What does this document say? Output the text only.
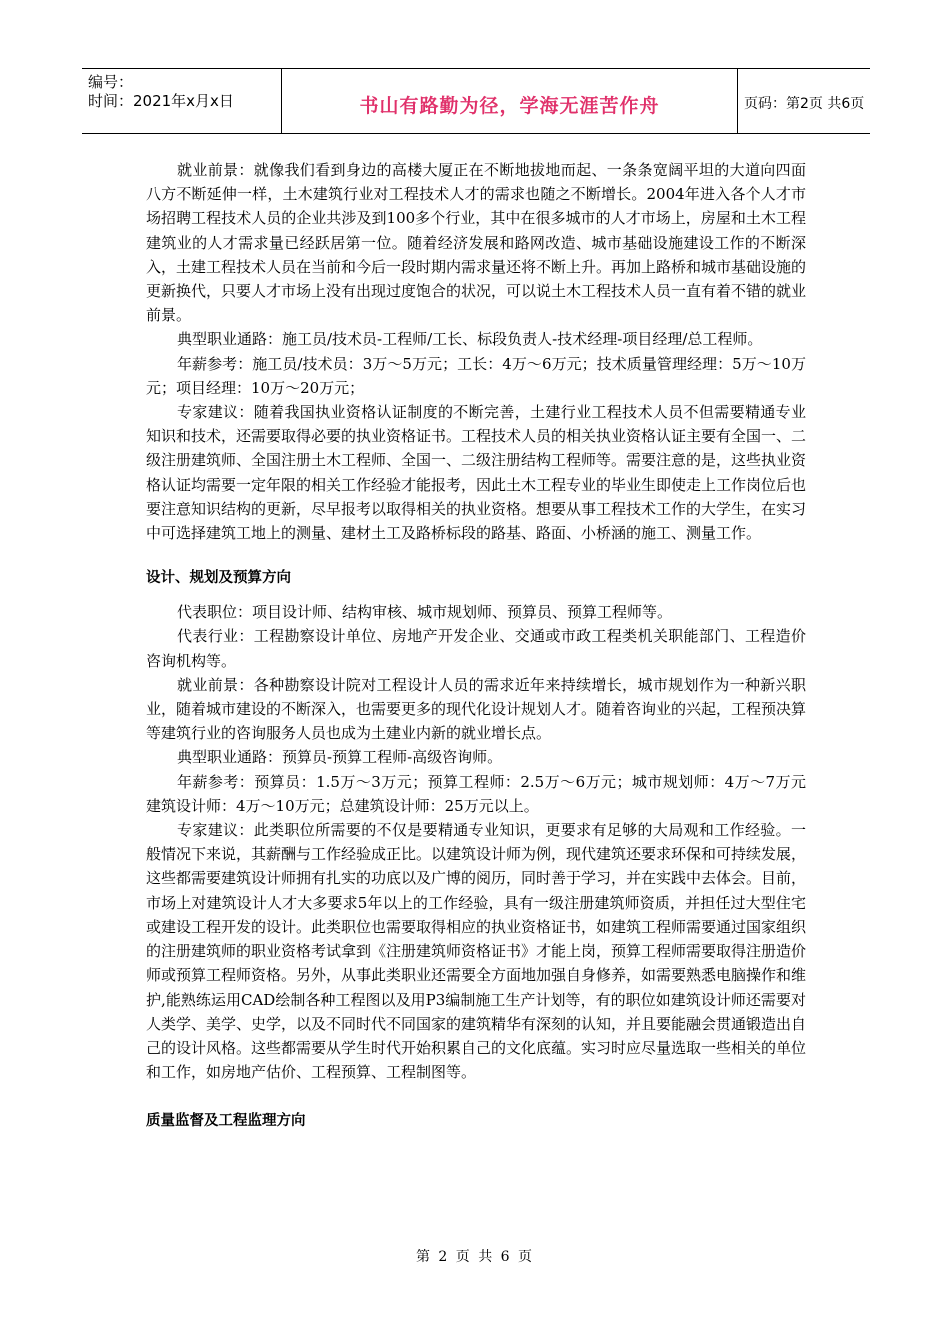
编号：
时间：2021年x月x日	书山有路勤为径，学海无涯苦作舟	页码：第2页 共6页

就业前景：就像我们看到身边的高楼大厦正在不断地拔地而起、一条条宽阔平坦的大道向四面八方不断延伸一样，土木建筑行业对工程技术人才的需求也随之不断增长。2004年进入各个人才市场招聘工程技术人员的企业共涉及到100多个行业，其中在很多城市的人才市场上，房屋和土木工程建筑业的人才需求量已经跃居第一位。随着经济发展和路网改造、城市基础设施建设工作的不断深入，土建工程技术人员在当前和今后一段时期内需求量还将不断上升。再加上路桥和城市基础设施的更新换代，只要人才市场上没有出现过度饱合的状况，可以说土木工程技术人员一直有着不错的就业前景。

典型职业通路：施工员/技术员-工程师/工长、标段负责人-技术经理-项目经理/总工程师。

年薪参考：施工员/技术员：3万～5万元；工长：4万～6万元；技术质量管理经理：5万～10万元；项目经理：10万～20万元；

专家建议：随着我国执业资格认证制度的不断完善，土建行业工程技术人员不但需要精通专业知识和技术，还需要取得必要的执业资格证书。工程技术人员的相关执业资格认证主要有全国一、二级注册建筑师、全国注册土木工程师、全国一、二级注册结构工程师等。需要注意的是，这些执业资格认证均需要一定年限的相关工作经验才能报考，因此土木工程专业的毕业生即使走上工作岗位后也要注意知识结构的更新，尽早报考以取得相关的执业资格。想要从事工程技术工作的大学生，在实习中可选择建筑工地上的测量、建材土工及路桥标段的路基、路面、小桥涵的施工、测量工作。

设计、规划及预算方向

代表职位：项目设计师、结构审核、城市规划师、预算员、预算工程师等。

代表行业：工程勘察设计单位、房地产开发企业、交通或市政工程类机关职能部门、工程造价咨询机构等。

就业前景：各种勘察设计院对工程设计人员的需求近年来持续增长，城市规划作为一种新兴职业，随着城市建设的不断深入，也需要更多的现代化设计规划人才。随着咨询业的兴起，工程预决算等建筑行业的咨询服务人员也成为土建业内新的就业增长点。

典型职业通路：预算员-预算工程师-高级咨询师。

年薪参考：预算员：1.5万～3万元；预算工程师：2.5万～6万元；城市规划师：4万～7万元　　建筑设计师：4万～10万元；总建筑设计师：25万元以上。

专家建议：此类职位所需要的不仅是要精通专业知识，更要求有足够的大局观和工作经验。一般情况下来说，其薪酬与工作经验成正比。以建筑设计师为例，现代建筑还要求环保和可持续发展，这些都需要建筑设计师拥有扎实的功底以及广博的阅历，同时善于学习，并在实践中去体会。目前，市场上对建筑设计人才大多要求5年以上的工作经验，具有一级注册建筑师资质，并担任过大型住宅或建设工程开发的设计。此类职位也需要取得相应的执业资格证书，如建筑工程师需要通过国家组织的注册建筑师的职业资格考试拿到《注册建筑师资格证书》才能上岗，预算工程师需要取得注册造价师或预算工程师资格。另外，从事此类职业还需要全方面地加强自身修养，如需要熟悉电脑操作和维护,能熟练运用CAD绘制各种工程图以及用P3编制施工生产计划等，有的职位如建筑设计师还需要对人类学、美学、史学，以及不同时代不同国家的建筑精华有深刻的认知，并且要能融会贯通锻造出自己的设计风格。这些都需要从学生时代开始积累自己的文化底蕴。实习时应尽量选取一些相关的单位和工作，如房地产估价、工程预算、工程制图等。

质量监督及工程监理方向
第 2 页 共 6 页
